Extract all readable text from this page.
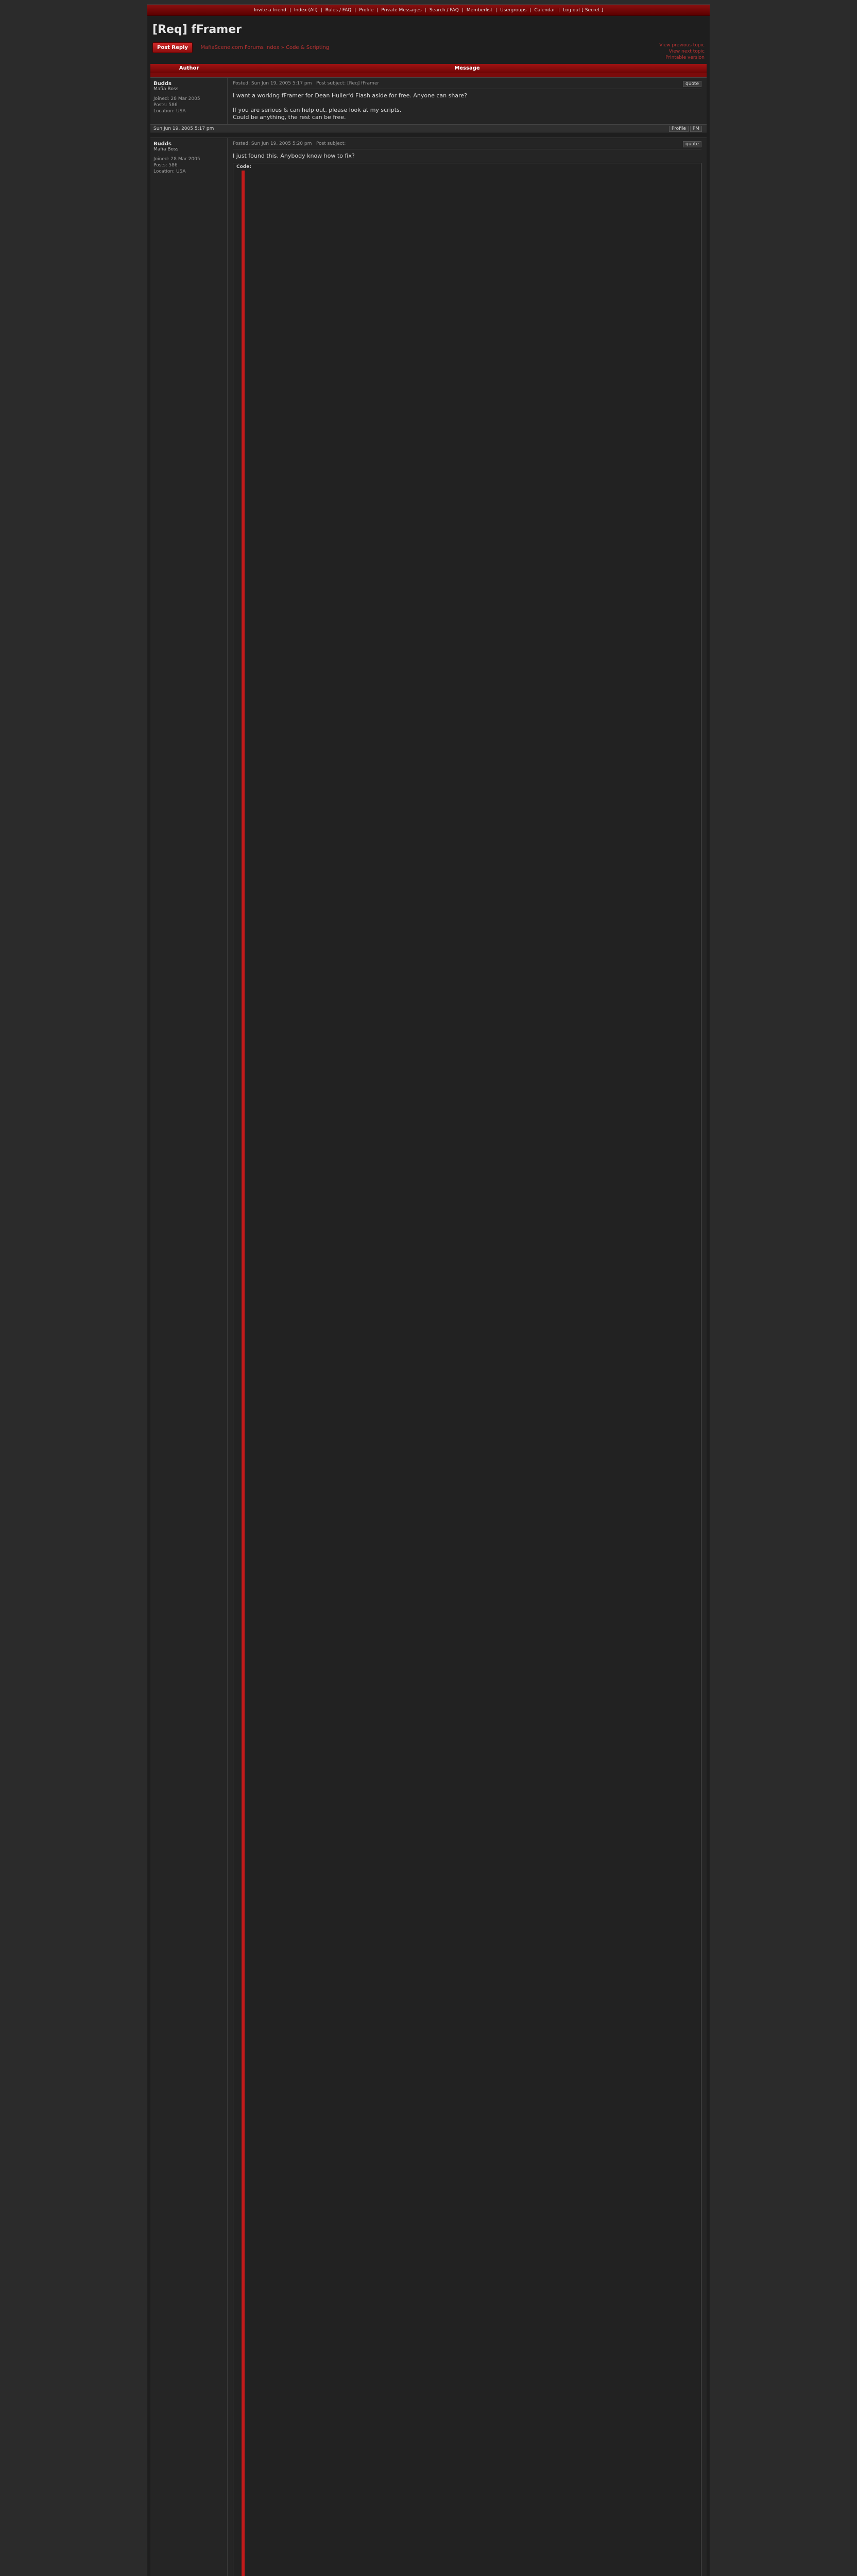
Invite a friend | Index (All) | Rules / FAQ | Profile | Private Messages | Search / FAQ | Memberlist | Usergroups | Calendar | Log out [ Secret ]
[Req] fFramer
Post Reply MafiaScene.com Forums Index » Code & Scripting	View previous topic
View next topic
Printable version
Author	Message
Budds
Mafia Boss
Joined: 28 Mar 2005
Posts: 586
Location: USA
Posted: Sun Jun 19, 2005 5:17 pm Post subject: [Req] fFramer	quote
I want a working fFramer for Dean Huller'd Flash aside for free. Anyone can share?

If you are serious & can help out, please look at my scripts.
Could be anything, the rest can be free.
Sun Jun 19, 2005 5:17 pm	Profile PM
Budds
Mafia Boss
Joined: 28 Mar 2005
Posts: 586
Location: USA
Posted: Sun Jun 19, 2005 5:20 pm Post subject:	quote
I just found this. Anybody know how to fix?
Code:
